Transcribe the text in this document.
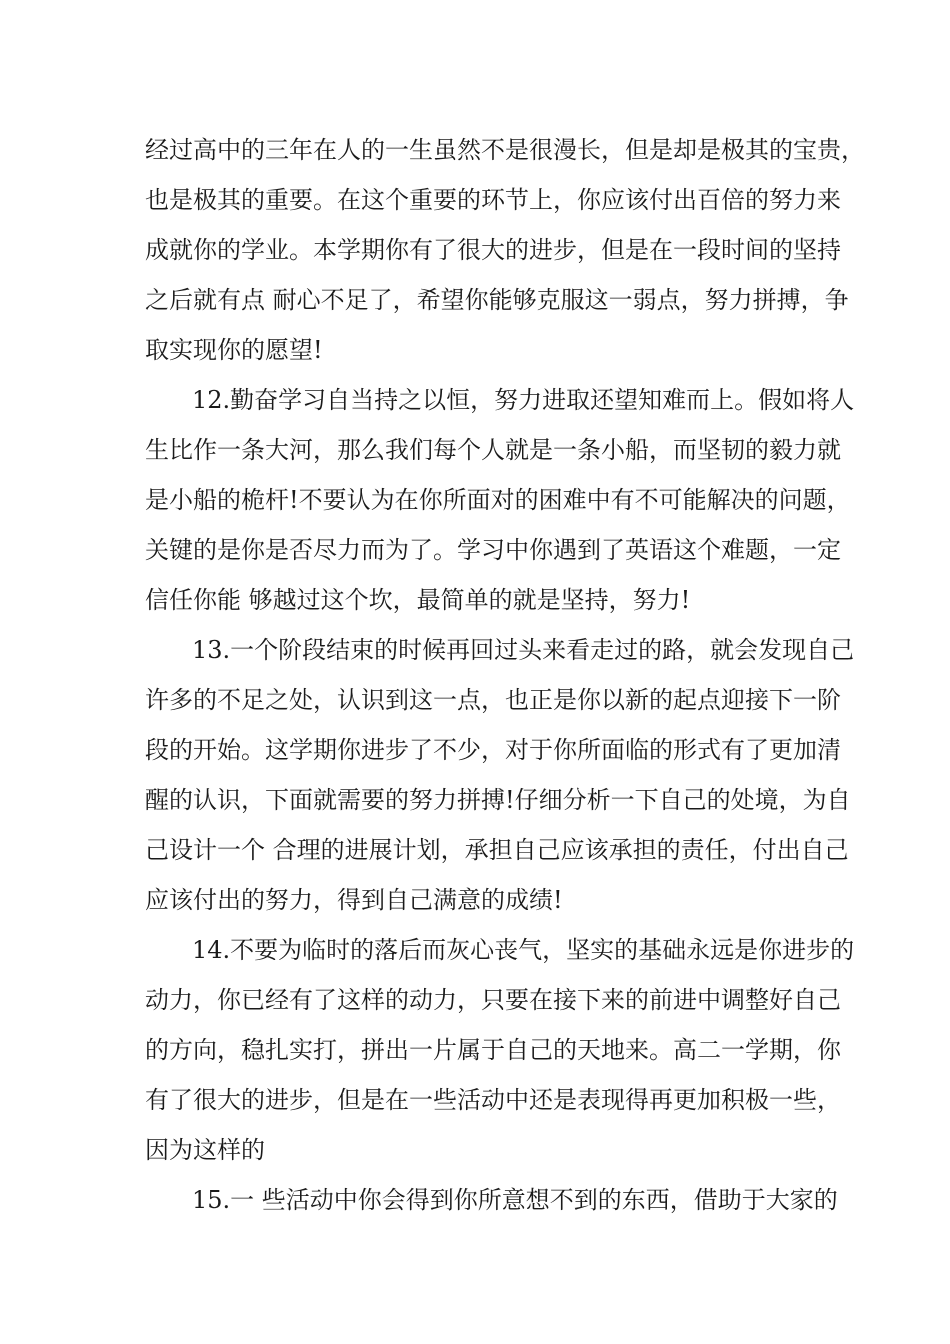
经过高中的三年在人的一生虽然不是很漫长，但是却是极其的宝贵，

也是极其的重要。在这个重要的环节上，你应该付出百倍的努力来

成就你的学业。本学期你有了很大的进步，但是在一段时间的坚持

之后就有点 耐心不足了，希望你能够克服这一弱点，努力拼搏，争

取实现你的愿望!

12.勤奋学习自当持之以恒，努力进取还望知难而上。假如将人

生比作一条大河，那么我们每个人就是一条小船，而坚韧的毅力就

是小船的桅杆!不要认为在你所面对的困难中有不可能解决的问题，

关键的是你是否尽力而为了。学习中你遇到了英语这个难题，一定

信任你能 够越过这个坎，最简单的就是坚持，努力!

13.一个阶段结束的时候再回过头来看走过的路，就会发现自己

许多的不足之处，认识到这一点，也正是你以新的起点迎接下一阶

段的开始。这学期你进步了不少，对于你所面临的形式有了更加清

醒的认识，下面就需要的努力拼搏!仔细分析一下自己的处境，为自

己设计一个 合理的进展计划，承担自己应该承担的责任，付出自己

应该付出的努力，得到自己满意的成绩!

14.不要为临时的落后而灰心丧气，坚实的基础永远是你进步的

动力，你已经有了这样的动力，只要在接下来的前进中调整好自己

的方向，稳扎实打，拼出一片属于自己的天地来。高二一学期，你

有了很大的进步，但是在一些活动中还是表现得再更加积极一些，

因为这样的

15.一 些活动中你会得到你所意想不到的东西，借助于大家的
